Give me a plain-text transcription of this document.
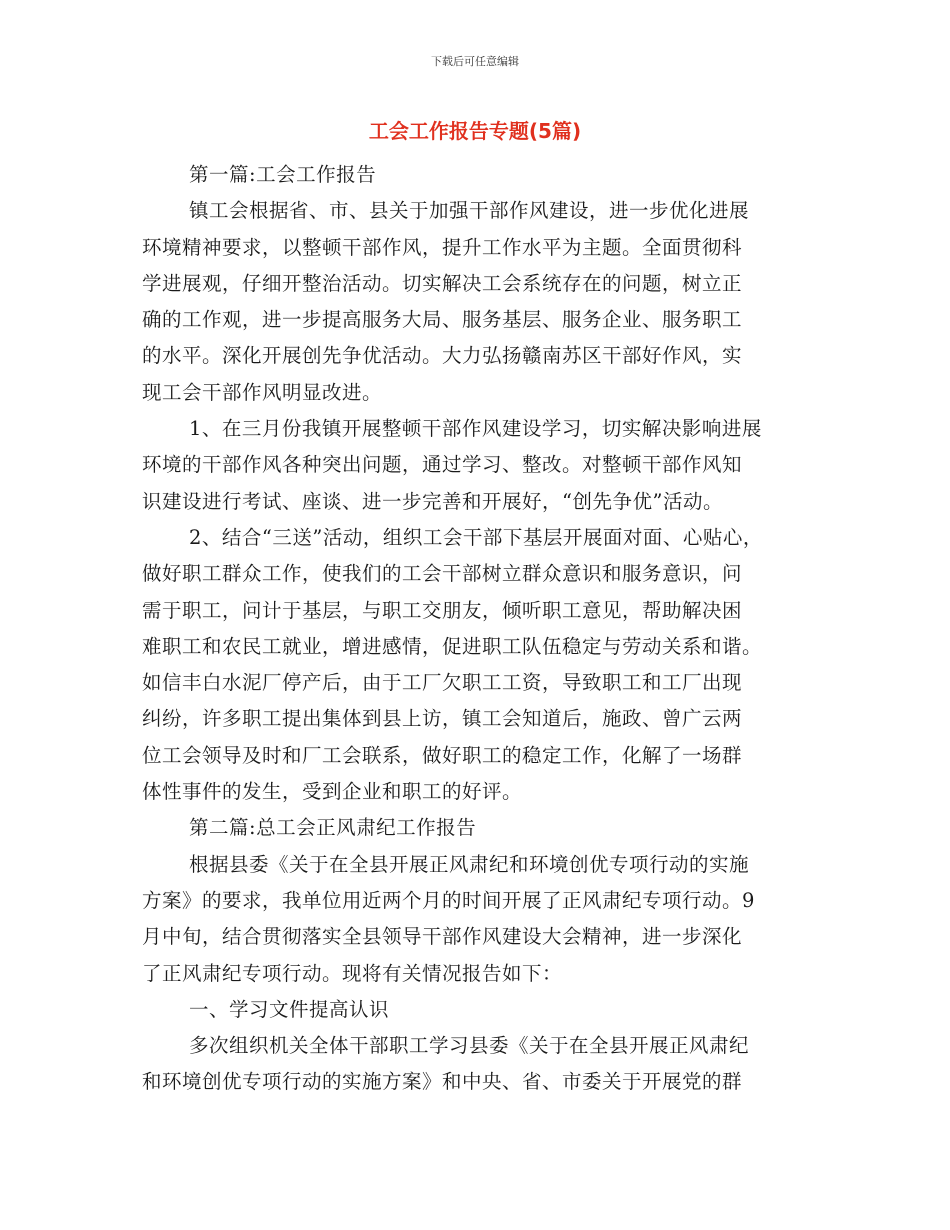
下载后可任意编辑
工会工作报告专题(5篇)
第一篇:工会工作报告
镇工会根据省、市、县关于加强干部作风建设，进一步优化进展
环境精神要求，以整顿干部作风，提升工作水平为主题。全面贯彻科
学进展观，仔细开整治活动。切实解决工会系统存在的问题，树立正
确的工作观，进一步提高服务大局、服务基层、服务企业、服务职工
的水平。深化开展创先争优活动。大力弘扬赣南苏区干部好作风，实
现工会干部作风明显改进。
1、在三月份我镇开展整顿干部作风建设学习，切实解决影响进展
环境的干部作风各种突出问题，通过学习、整改。对整顿干部作风知
识建设进行考试、座谈、进一步完善和开展好，“创先争优”活动。
2、结合“三送”活动，组织工会干部下基层开展面对面、心贴心，
做好职工群众工作，使我们的工会干部树立群众意识和服务意识，问
需于职工，问计于基层，与职工交朋友，倾听职工意见，帮助解决困
难职工和农民工就业，增进感情，促进职工队伍稳定与劳动关系和谐。
如信丰白水泥厂停产后，由于工厂欠职工工资，导致职工和工厂出现
纠纷，许多职工提出集体到县上访，镇工会知道后，施政、曾广云两
位工会领导及时和厂工会联系，做好职工的稳定工作，化解了一场群
体性事件的发生，受到企业和职工的好评。
第二篇:总工会正风肃纪工作报告
根据县委《关于在全县开展正风肃纪和环境创优专项行动的实施
方案》的要求，我单位用近两个月的时间开展了正风肃纪专项行动。9
月中旬，结合贯彻落实全县领导干部作风建设大会精神，进一步深化
了正风肃纪专项行动。现将有关情况报告如下：
一、学习文件提高认识
多次组织机关全体干部职工学习县委《关于在全县开展正风肃纪
和环境创优专项行动的实施方案》和中央、省、市委关于开展党的群
